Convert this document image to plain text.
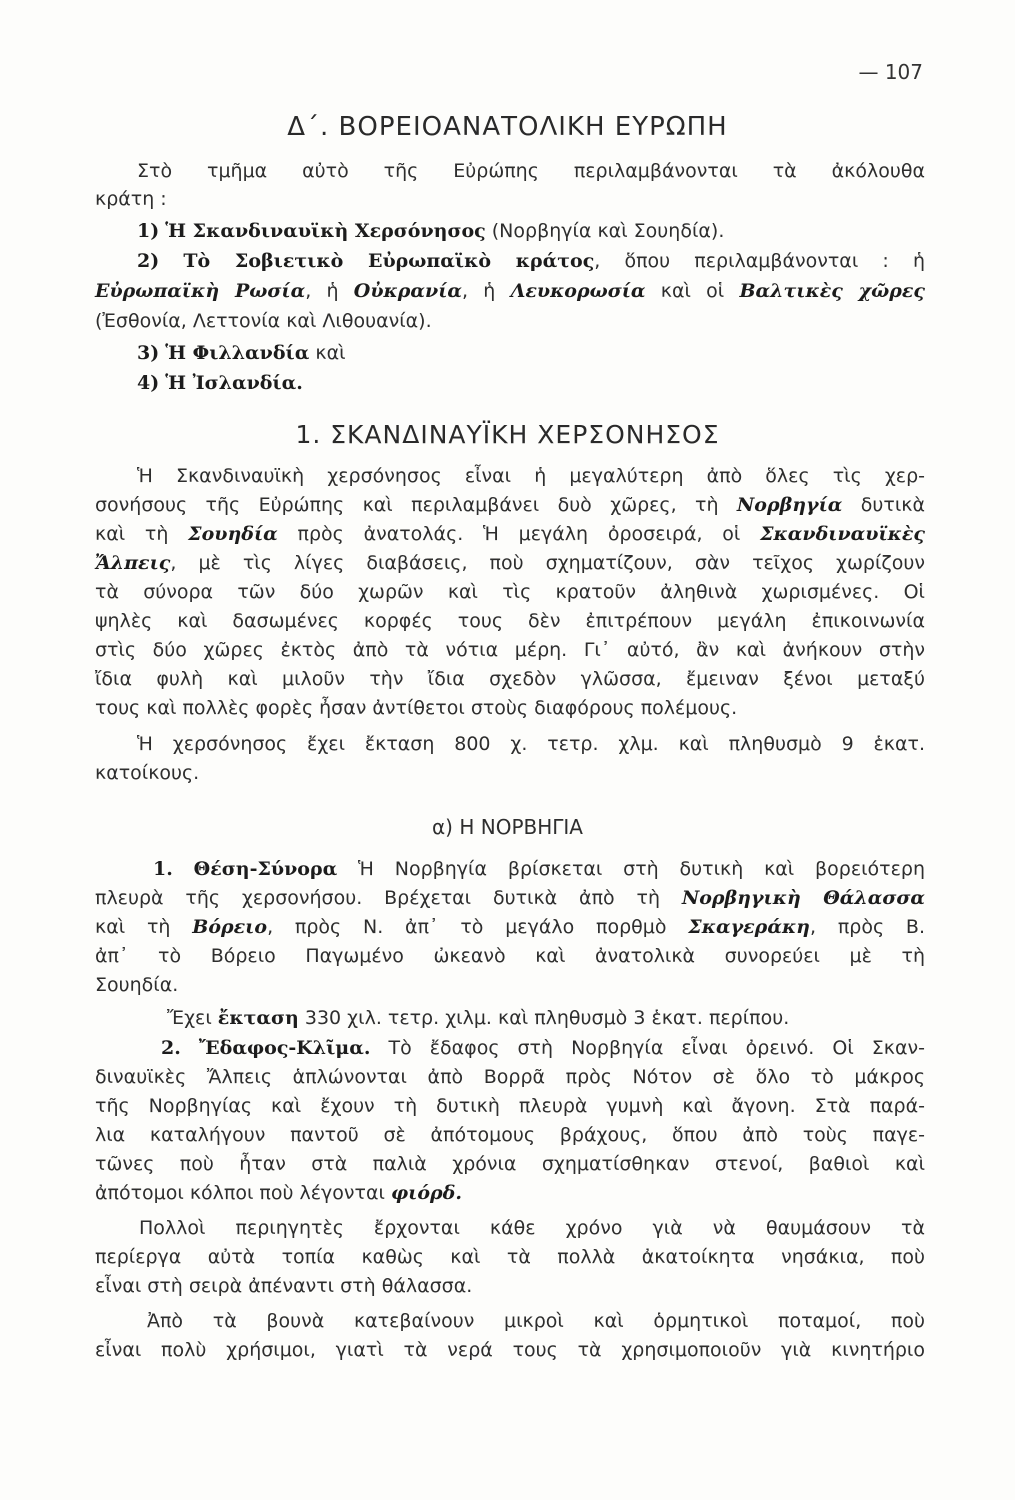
— 107
Δ΄. ΒΟΡΕΙΟΑΝΑΤΟΛΙΚΗ ΕΥΡΩΠΗ
Στὸ τμῆμα αὐτὸ τῆς Εὐρώπης περιλαμβάνονται τὰ ἀκόλουθα
κράτη :
1) Ἡ Σκανδιναυϊκὴ Χερσόνησος (Νορβηγία καὶ Σουηδία).
2) Τὸ Σοβιετικὸ Εὐρωπαϊκὸ κράτος, ὅπου περιλαμβάνονται : ἡ
Εὐρωπαϊκὴ Ρωσία, ἡ Οὐκρανία, ἡ Λευκορωσία καὶ οἱ Βαλτικὲς χῶρες
(Ἐσθονία, Λεττονία καὶ Λιθουανία).
3) Ἡ Φιλλανδία καὶ
4) Ἡ Ἰσλανδία.
1. ΣΚΑΝΔΙΝΑΥΪΚΗ ΧΕΡΣΟΝΗΣΟΣ
Ἡ Σκανδιναυϊκὴ χερσόνησος εἶναι ἡ μεγαλύτερη ἀπὸ ὅλες τὶς χερ-
σονήσους τῆς Εὐρώπης καὶ περιλαμβάνει δυὸ χῶρες, τὴ Νορβηγία δυτικὰ
καὶ τὴ Σουηδία πρὸς ἀνατολάς. Ἡ μεγάλη ὀροσειρά, οἱ Σκανδιναυϊκὲς
Ἄλπεις, μὲ τὶς λίγες διαβάσεις, ποὺ σχηματίζουν, σὰν τεῖχος χωρίζουν
τὰ σύνορα τῶν δύο χωρῶν καὶ τὶς κρατοῦν ἀληθινὰ χωρισμένες. Οἱ
ψηλὲς καὶ δασωμένες κορφές τους δὲν ἐπιτρέπουν μεγάλη ἐπικοινωνία
στὶς δύο χῶρες ἐκτὸς ἀπὸ τὰ νότια μέρη. Γι᾿ αὐτό, ἂν καὶ ἀνήκουν στὴν
ἴδια φυλὴ καὶ μιλοῦν τὴν ἴδια σχεδὸν γλῶσσα, ἔμειναν ξένοι μεταξύ
τους καὶ πολλὲς φορὲς ἦσαν ἀντίθετοι στοὺς διαφόρους πολέμους.
Ἡ χερσόνησος ἔχει ἔκταση 800 χ. τετρ. χλμ. καὶ πληθυσμὸ 9 ἑκατ.
κατοίκους.
α) Η ΝΟΡΒΗΓΙΑ
1. Θέση-Σύνορα Ἡ Νορβηγία βρίσκεται στὴ δυτικὴ καὶ βορειότερη
πλευρὰ τῆς χερσονήσου. Βρέχεται δυτικὰ ἀπὸ τὴ Νορβηγικὴ Θάλασσα
καὶ τὴ Βόρειο, πρὸς Ν. ἀπ᾿ τὸ μεγάλο πορθμὸ Σκαγεράκη, πρὸς Β.
ἀπ᾿ τὸ Βόρειο Παγωμένο ὠκεανὸ καὶ ἀνατολικὰ συνορεύει μὲ τὴ
Σουηδία.
Ἔχει ἔκταση 330 χιλ. τετρ. χιλμ. καὶ πληθυσμὸ 3 ἑκατ. περίπου.
2. Ἔδαφος-Κλῖμα. Τὸ ἔδαφος στὴ Νορβηγία εἶναι ὀρεινό. Οἱ Σκαν-
διναυϊκὲς Ἄλπεις ἁπλώνονται ἀπὸ Βορρᾶ πρὸς Νότον σὲ ὅλο τὸ μάκρος
τῆς Νορβηγίας καὶ ἔχουν τὴ δυτικὴ πλευρὰ γυμνὴ καὶ ἄγονη. Στὰ παρά-
λια καταλήγουν παντοῦ σὲ ἀπότομους βράχους, ὅπου ἀπὸ τοὺς παγε-
τῶνες ποὺ ἦταν στὰ παλιὰ χρόνια σχηματίσθηκαν στενοί, βαθιοὶ καὶ
ἀπότομοι κόλποι ποὺ λέγονται φιόρδ.
Πολλοὶ περιηγητὲς ἔρχονται κάθε χρόνο γιὰ νὰ θαυμάσουν τὰ
περίεργα αὐτὰ τοπία καθὼς καὶ τὰ πολλὰ ἀκατοίκητα νησάκια, ποὺ
εἶναι στὴ σειρὰ ἀπέναντι στὴ θάλασσα.
Ἀπὸ τὰ βουνὰ κατεβαίνουν μικροὶ καὶ ὁρμητικοὶ ποταμοί, ποὺ
εἶναι πολὺ χρήσιμοι, γιατὶ τὰ νερά τους τὰ χρησιμοποιοῦν γιὰ κινητήριο
